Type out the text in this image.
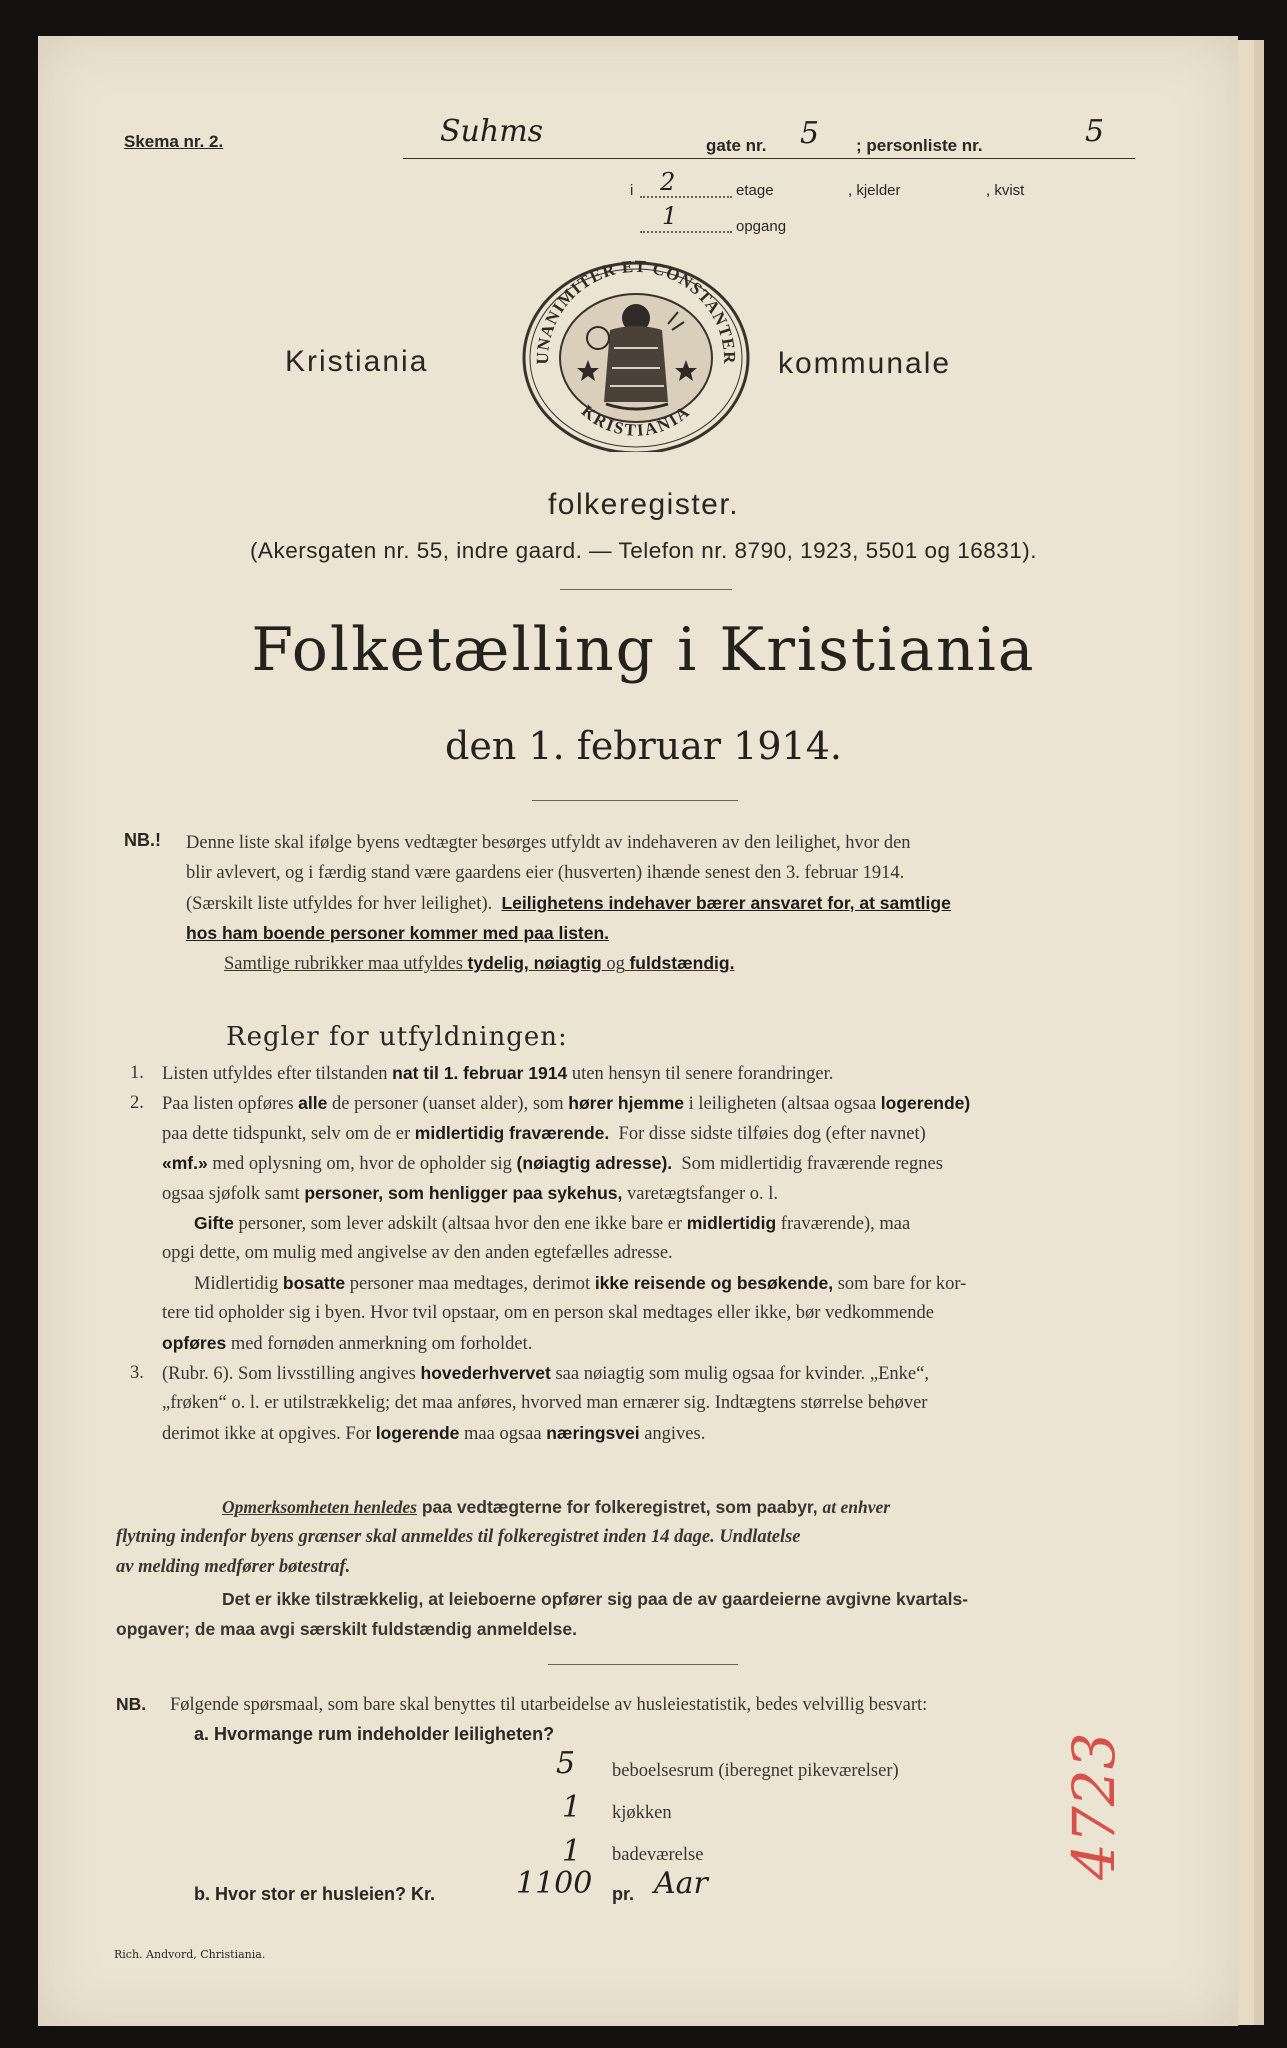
Skema nr. 2.	Suhms	gate nr. 5 ; personliste nr.	5
i 2	etage	, kjelder	, kvist
1	opgang
UNANIMITER ET CONSTANTER
KRISTIANIA
Kristiania	kommunale
folkeregister.
(Akersgaten nr. 55, indre gaard. — Telefon nr. 8790, 1923, 5501 og 16831).
Folketælling i Kristiania
den 1. februar 1914.
NB.! Denne liste skal ifølge byens vedtægter besørges utfyldt av indehaveren av den leilighet, hvor den
blir avlevert, og i færdig stand være gaardens eier (husverten) ihænde senest den 3. februar 1914.
(Særskilt liste utfyldes for hver leilighet). Leilighetens indehaver bærer ansvaret for, at samtlige
hos ham boende personer kommer med paa listen.
Samtlige rubrikker maa utfyldes tydelig, nøiagtig og fuldstændig.
Regler for utfyldningen:
1. Listen utfyldes efter tilstanden nat til 1. februar 1914 uten hensyn til senere forandringer.
2. Paa listen opføres alle de personer (uanset alder), som hører hjemme i leiligheten (altsaa ogsaa logerende)
paa dette tidspunkt, selv om de er midlertidig fraværende. For disse sidste tilføies dog (efter navnet)
«mf.» med oplysning om, hvor de opholder sig (nøiagtig adresse). Som midlertidig fraværende regnes
ogsaa sjøfolk samt personer, som henligger paa sykehus, varetægtsfanger o. l.
Gifte personer, som lever adskilt (altsaa hvor den ene ikke bare er midlertidig fraværende), maa
opgi dette, om mulig med angivelse av den anden egtefælles adresse.
Midlertidig bosatte personer maa medtages, derimot ikke reisende og besøkende, som bare for kor-
tere tid opholder sig i byen. Hvor tvil opstaar, om en person skal medtages eller ikke, bør vedkommende
opføres med fornøden anmerkning om forholdet.
3. (Rubr. 6). Som livsstilling angives hovederhvervet saa nøiagtig som mulig ogsaa for kvinder. „Enke“,
„frøken“ o. l. er utilstrækkelig; det maa anføres, hvorved man ernærer sig. Indtægtens størrelse behøver
derimot ikke at opgives. For logerende maa ogsaa næringsvei angives.
Opmerksomheten henledes paa vedtægterne for folkeregistret, som paabyr, at enhver
flytning indenfor byens grænser skal anmeldes til folkeregistret inden 14 dage. Undlatelse
av melding medfører bøtestraf.
Det er ikke tilstrækkelig, at leieboerne opfører sig paa de av gaardeierne avgivne kvartals-
opgaver; de maa avgi særskilt fuldstændig anmeldelse.
NB. Følgende spørsmaal, som bare skal benyttes til utarbeidelse av husleiestatistik, bedes velvillig besvart:
a. Hvormange rum indeholder leiligheten?
5 beboelsesrum (iberegnet pikeværelser)
1 kjøkken
1 badeværelse
b. Hvor stor er husleien? Kr.	1100 pr. Aar
Rich. Andvord, Christiania.
4723
